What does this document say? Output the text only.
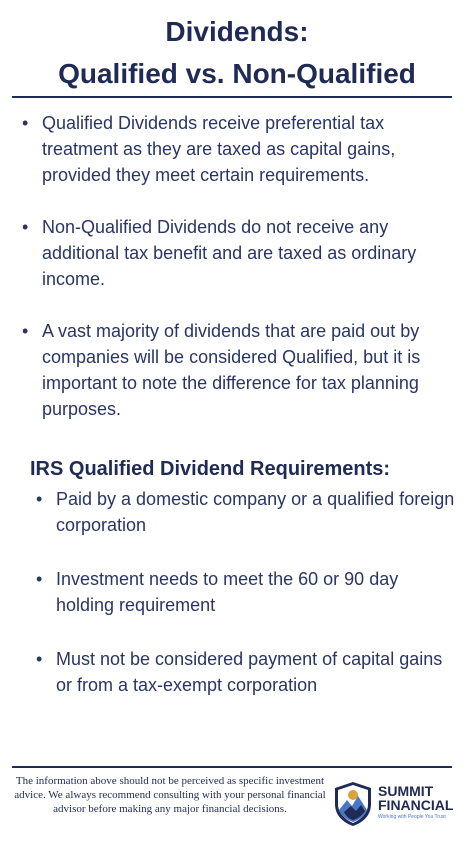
Dividends:
Qualified vs. Non-Qualified
• Qualified Dividends receive preferential tax treatment as they are taxed as capital gains, provided they meet certain requirements.
• Non-Qualified Dividends do not receive any additional tax benefit and are taxed as ordinary income.
• A vast majority of dividends that are paid out by companies will be considered Qualified, but it is important to note the difference for tax planning purposes.
IRS Qualified Dividend Requirements:
• Paid by a domestic company or a qualified foreign corporation
• Investment needs to meet the 60 or 90 day holding requirement
• Must not be considered payment of capital gains or from a tax-exempt corporation
The information above should not be perceived as specific investment advice. We always recommend consulting with your personal financial advisor before making any major financial decisions.
SUMMIT
FINANCIAL
Working with People You Trust
